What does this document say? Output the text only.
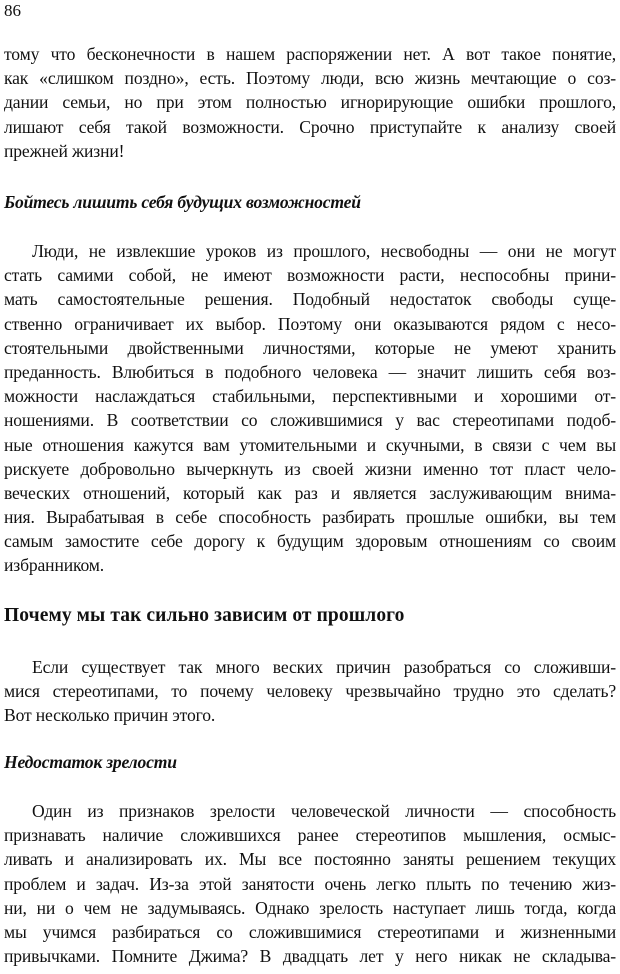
86
тому что бесконечности в нашем распоряжении нет. А вот такое понятие,
как «слишком поздно», есть. Поэтому люди, всю жизнь мечтающие о соз-
дании семьи, но при этом полностью игнорирующие ошибки прошлого,
лишают себя такой возможности. Срочно приступайте к анализу своей
прежней жизни!
Бойтесь лишить себя будущих возможностей
Люди, не извлекшие уроков из прошлого, несвободны — они не могут
стать самими собой, не имеют возможности расти, неспособны прини-
мать самостоятельные решения. Подобный недостаток свободы суще-
ственно ограничивает их выбор. Поэтому они оказываются рядом с несо-
стоятельными двойственными личностями, которые не умеют хранить
преданность. Влюбиться в подобного человека — значит лишить себя воз-
можности наслаждаться стабильными, перспективными и хорошими от-
ношениями. В соответствии со сложившимися у вас стереотипами подоб-
ные отношения кажутся вам утомительными и скучными, в связи с чем вы
рискуете добровольно вычеркнуть из своей жизни именно тот пласт чело-
веческих отношений, который как раз и является заслуживающим внима-
ния. Вырабатывая в себе способность разбирать прошлые ошибки, вы тем
самым замостите себе дорогу к будущим здоровым отношениям со своим
избранником.
Почему мы так сильно зависим от прошлого
Если существует так много веских причин разобраться со сложивши-
мися стереотипами, то почему человеку чрезвычайно трудно это сделать?
Вот несколько причин этого.
Недостаток зрелости
Один из признаков зрелости человеческой личности — способность
признавать наличие сложившихся ранее стереотипов мышления, осмыс-
ливать и анализировать их. Мы все постоянно заняты решением текущих
проблем и задач. Из-за этой занятости очень легко плыть по течению жиз-
ни, ни о чем не задумываясь. Однако зрелость наступает лишь тогда, когда
мы учимся разбираться со сложившимися стереотипами и жизненными
привычками. Помните Джима? В двадцать лет у него никак не складыва-
